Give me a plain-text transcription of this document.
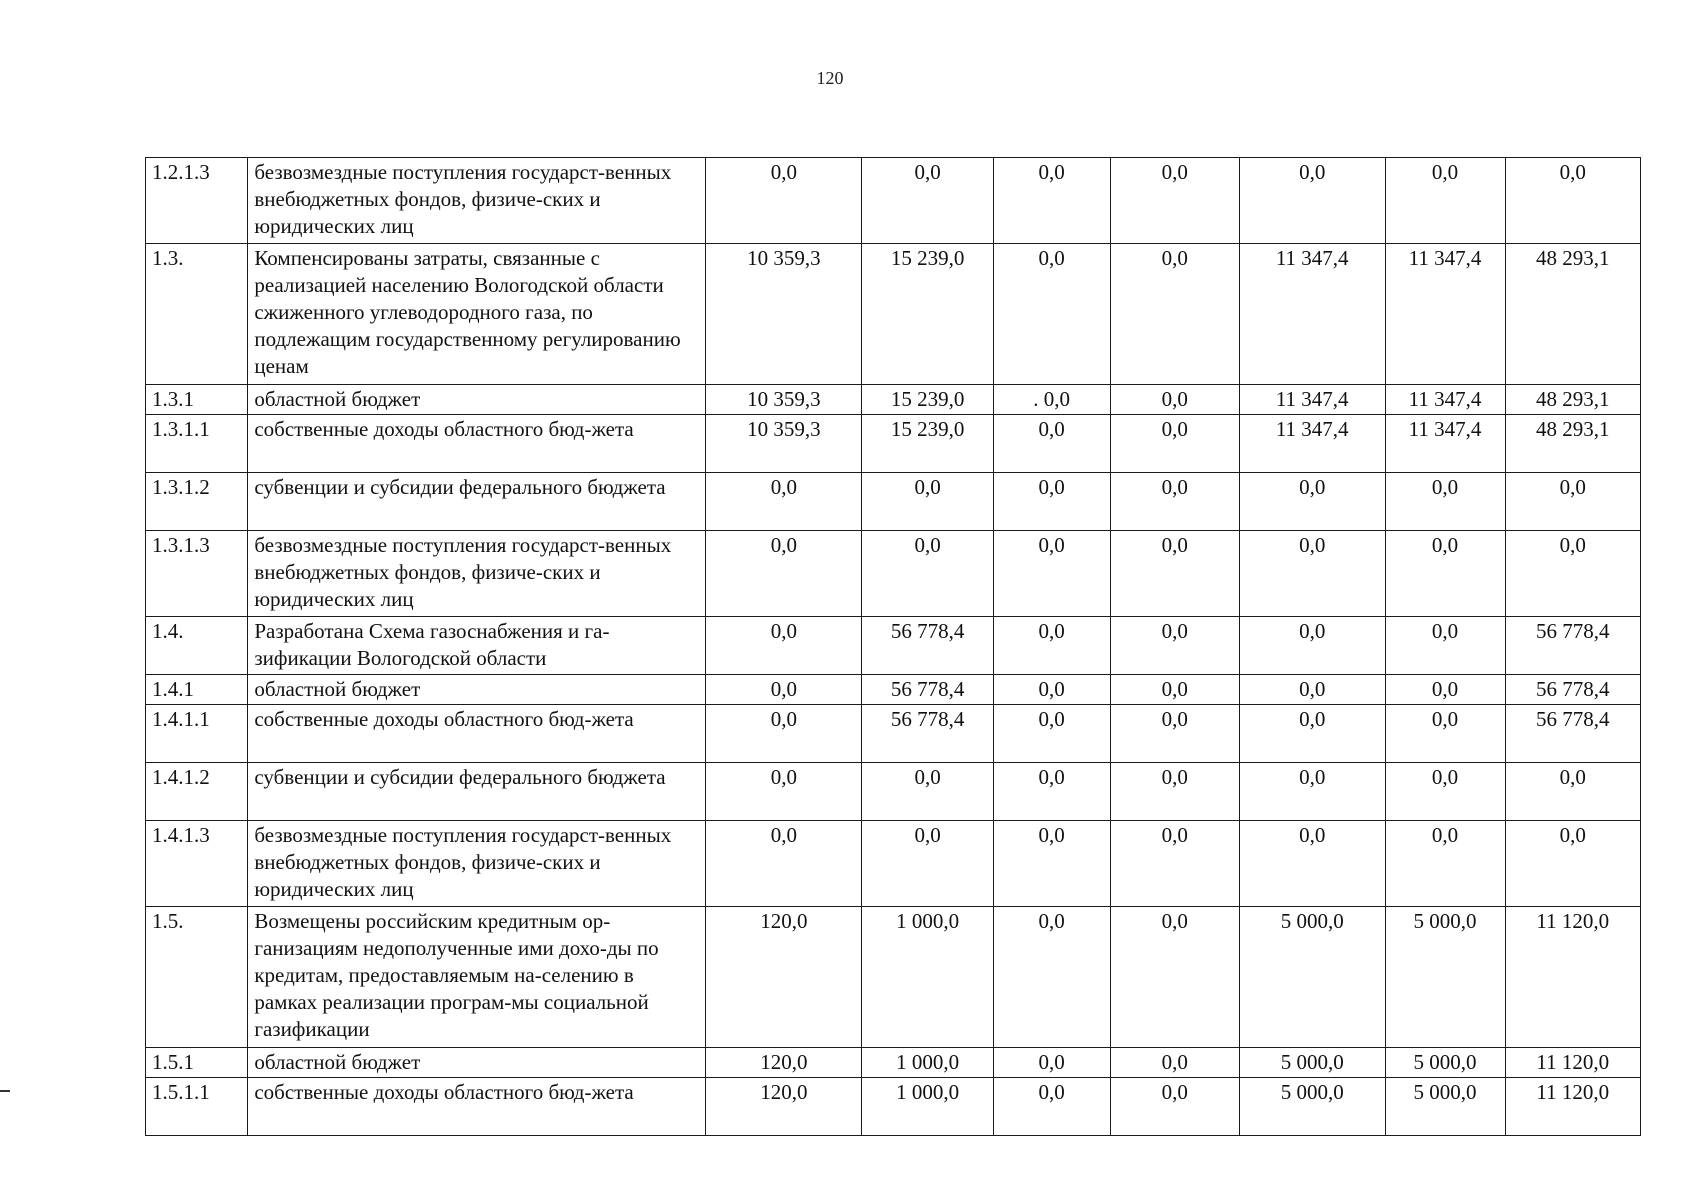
120
1.2.1.3	безвозмездные поступления государст-венных внебюджетных фондов, физиче-ских и юридических лиц	0,0	0,0	0,0	0,0	0,0	0,0	0,0
1.3.	Компенсированы затраты, связанные с реализацией населению Вологодской области сжиженного углеводородного газа, по подлежащим государственному регулированию ценам	10 359,3	15 239,0	0,0	0,0	11 347,4	11 347,4	48 293,1
1.3.1	областной бюджет	10 359,3	15 239,0	. 0,0	0,0	11 347,4	11 347,4	48 293,1
1.3.1.1	собственные доходы областного бюд-жета	10 359,3	15 239,0	0,0	0,0	11 347,4	11 347,4	48 293,1
1.3.1.2	субвенции и субсидии федерального бюджета	0,0	0,0	0,0	0,0	0,0	0,0	0,0
1.3.1.3	безвозмездные поступления государст-венных внебюджетных фондов, физиче-ских и юридических лиц	0,0	0,0	0,0	0,0	0,0	0,0	0,0
1.4.	Разработана Схема газоснабжения и га-зификации Вологодской области	0,0	56 778,4	0,0	0,0	0,0	0,0	56 778,4
1.4.1	областной бюджет	0,0	56 778,4	0,0	0,0	0,0	0,0	56 778,4
1.4.1.1	собственные доходы областного бюд-жета	0,0	56 778,4	0,0	0,0	0,0	0,0	56 778,4
1.4.1.2	субвенции и субсидии федерального бюджета	0,0	0,0	0,0	0,0	0,0	0,0	0,0
1.4.1.3	безвозмездные поступления государст-венных внебюджетных фондов, физиче-ских и юридических лиц	0,0	0,0	0,0	0,0	0,0	0,0	0,0
1.5.	Возмещены российским кредитным ор-ганизациям недополученные ими дохо-ды по кредитам, предоставляемым на-селению в рамках реализации програм-мы социальной газификации	120,0	1 000,0	0,0	0,0	5 000,0	5 000,0	11 120,0
1.5.1	областной бюджет	120,0	1 000,0	0,0	0,0	5 000,0	5 000,0	11 120,0
1.5.1.1	собственные доходы областного бюд-жета	120,0	1 000,0	0,0	0,0	5 000,0	5 000,0	11 120,0
